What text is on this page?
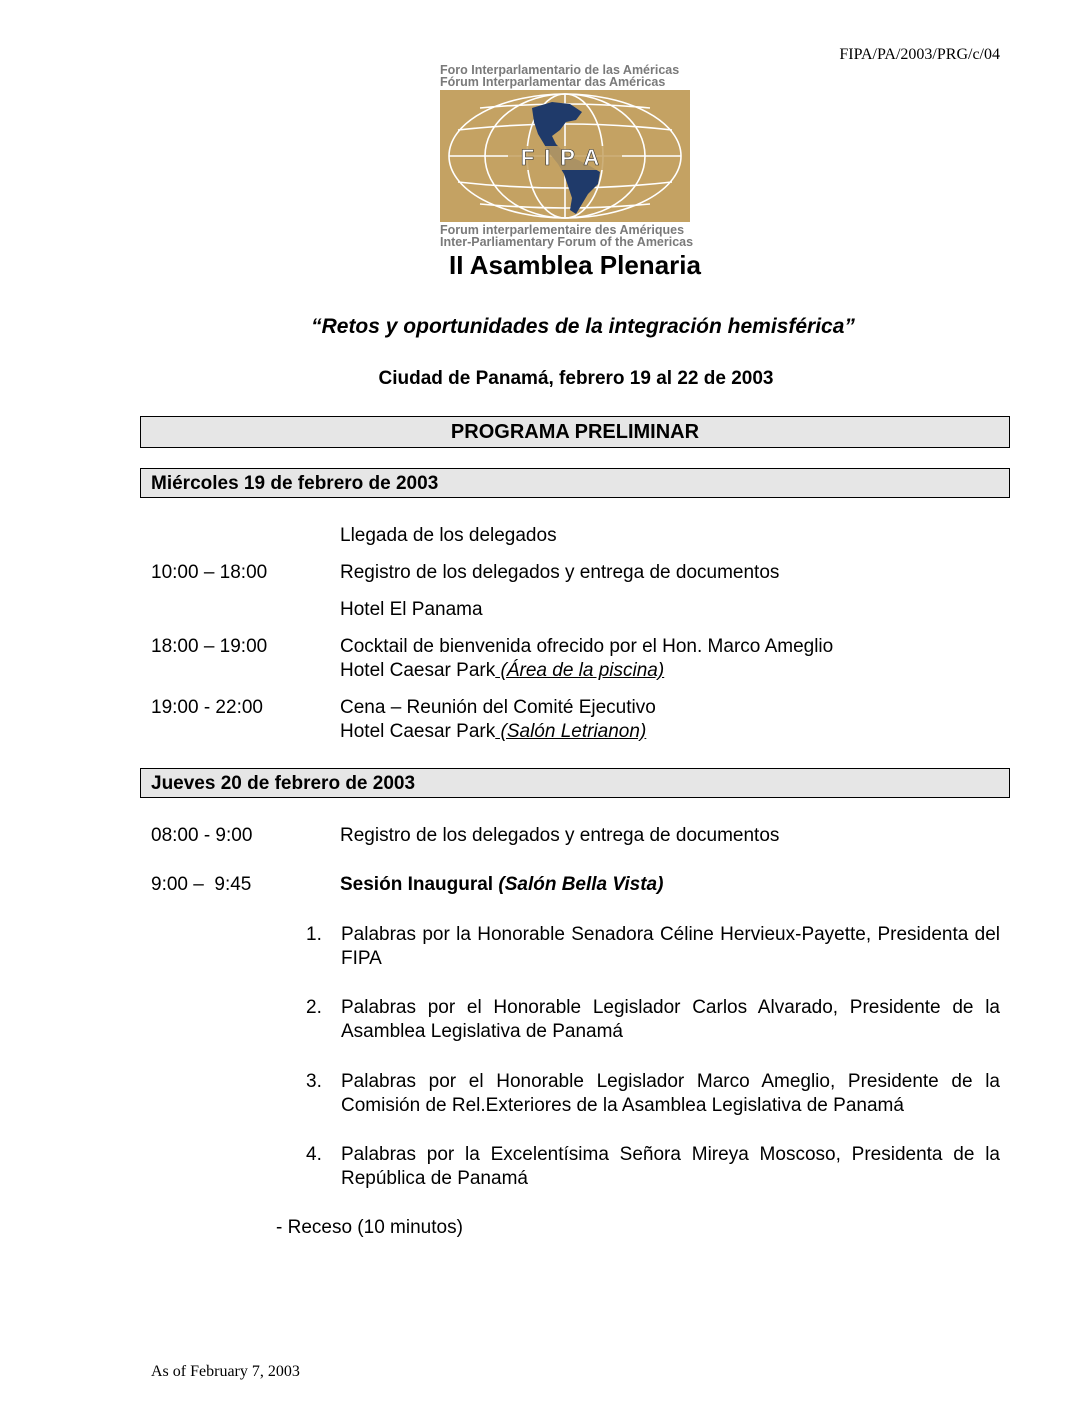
FIPA/PA/2003/PRG/c/04
Foro Interparlamentario de las Américas
Fórum Interparlamentar das Américas
FIPA
Forum interparlementaire des Amériques
Inter-Parliamentary Forum of the Americas
II Asamblea Plenaria
“Retos y oportunidades de la integración hemisférica”
Ciudad de Panamá, febrero 19 al 22 de 2003
PROGRAMA PRELIMINAR
Miércoles 19 de febrero de 2003
Llegada de los delegados
10:00 – 18:00	Registro de los delegados y entrega de documentos
Hotel El Panama
18:00 – 19:00	Cocktail de bienvenida ofrecido por el Hon. Marco Ameglio
Hotel Caesar Park (Área de la piscina)
19:00 - 22:00	Cena – Reunión del Comité Ejecutivo
Hotel Caesar Park (Salón Letrianon)
Jueves 20 de febrero de 2003
08:00 - 9:00	Registro de los delegados y entrega de documentos
9:00 –  9:45	Sesión Inaugural (Salón Bella Vista)
1. Palabras por la Honorable Senadora Céline Hervieux-Payette, Presidenta del FIPA
2. Palabras por el Honorable Legislador Carlos Alvarado, Presidente de la Asamblea Legislativa de Panamá
3. Palabras por el Honorable Legislador Marco Ameglio, Presidente de la Comisión de Rel.Exteriores de la Asamblea Legislativa de Panamá
4. Palabras por la Excelentísima Señora Mireya Moscoso, Presidenta de la República de Panamá
- Receso (10 minutos)
As of February 7, 2003
